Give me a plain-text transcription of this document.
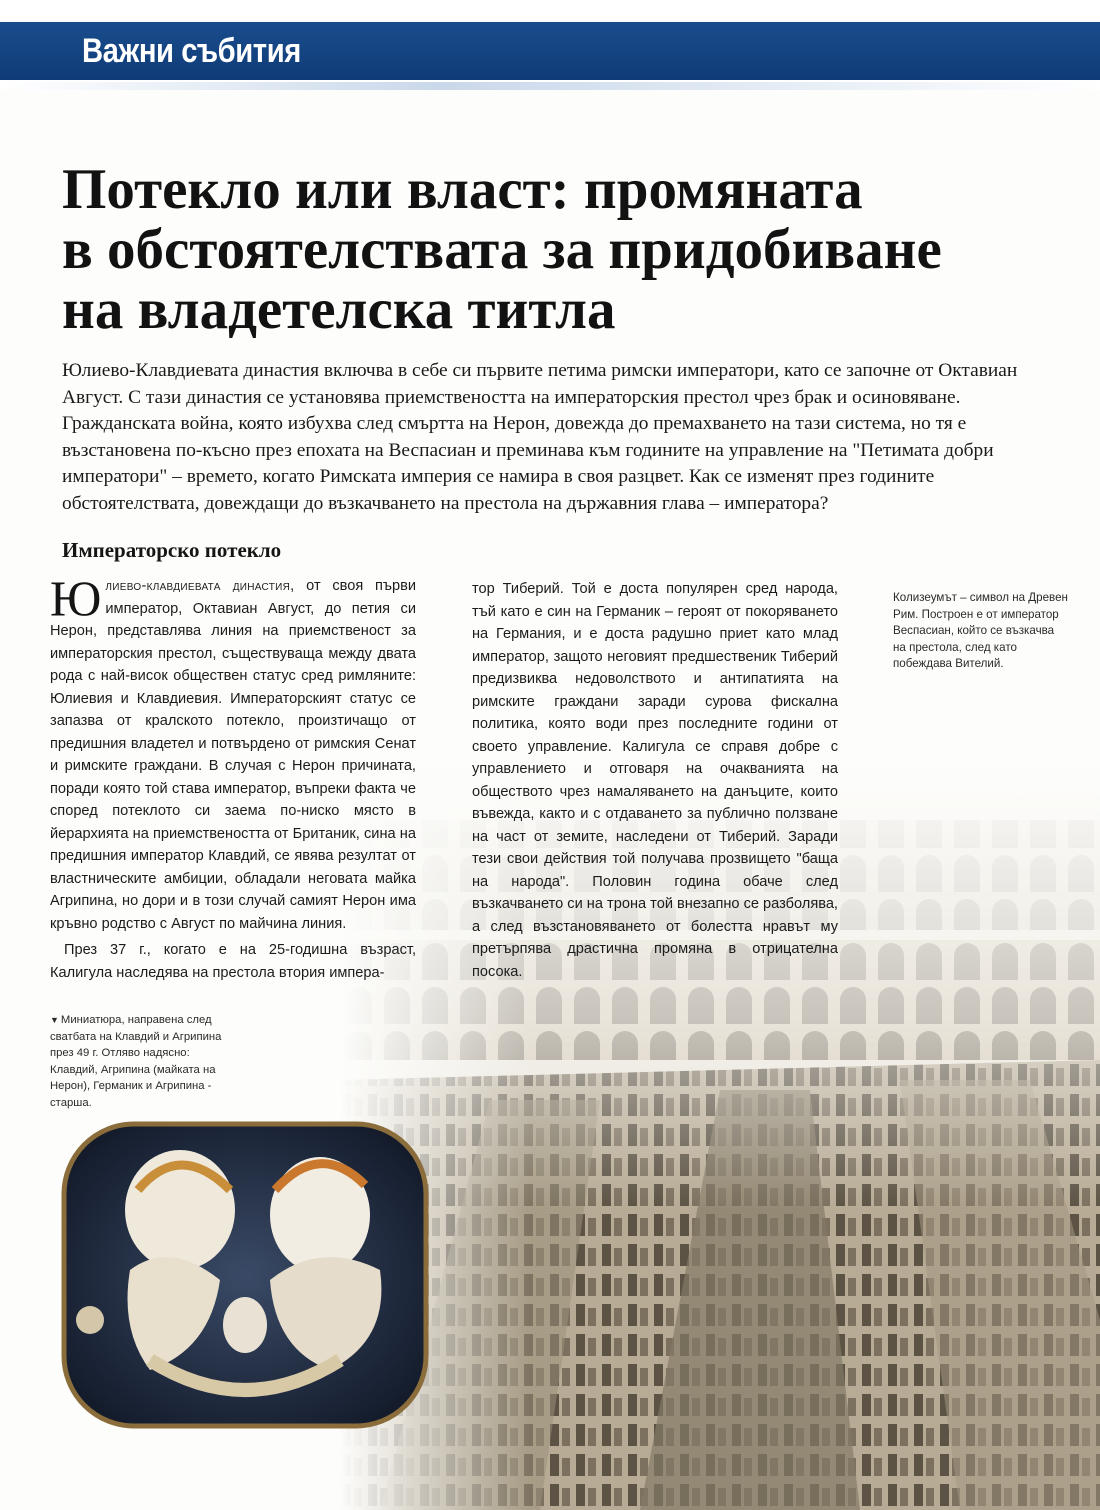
Важни събития
Потекло или власт: промяната
в обстоятелствата за придобиване
на владетелска титла

Юлиево-Клавдиевата династия включва в себе си първите петима римски императори, като се започне от Октавиан Август. С тази династия се установява приемствеността на императорския престол чрез брак и осиновяване. Гражданската война, която избухва след смъртта на Нерон, довежда до премахването на тази система, но тя е възстановена по-късно през епохата на Веспасиан и преминава към годините на управление на "Петимата добри императори" – времето, когато Римската империя се намира в своя разцвет. Как се изменят през годините обстоятелствата, довеждащи до възкачването на престола на държавния глава – императора?

Императорско потекло

Юлиево-клавдиевата династия, от своя първи император, Октавиан Август, до петия си Нерон, представлява линия на приемственост за императорския престол, съществуваща между двата рода с най-висок обществен статус сред римляните: Юлиевия и Клавдиевия. Императорският статус се запазва от кралското потекло, произтичащо от предишния владетел и потвърдено от римския Сенат и римските граждани. В случая с Нерон причината, поради която той става император, въпреки факта че според потеклото си заема по-ниско място в йерархията на приемствеността от Британик, сина на предишния император Клавдий, се явява резултат от властническите амбиции, обладали неговата майка Агрипина, но дори и в този случай самият Нерон има кръвно родство с Август по майчина линия.

През 37 г., когато е на 25-годишна възраст, Калигула наследява на престола втория импера-

тор Тиберий. Той е доста популярен сред народа, тъй като е син на Германик – героят от покоряването на Германия, и е доста радушно приет като млад император, защото неговият предшественик Тиберий предизвиква недоволството и антипатията на римските граждани заради сурова фискална политика, която води през последните години от своето управление. Калигула се справя добре с управлението и отговаря на очакванията на обществото чрез намаляването на данъците, които въвежда, както и с отдаването за публично ползване на част от земите, наследени от Тиберий. Заради тези свои действия той получава прозвището "баща на народа". Половин година обаче след възкачването си на трона той внезапно се разболява, а след възстановяването от болестта нравът му претърпява драстична промяна в отрицателна посока.

Колизеумът – символ на Древен Рим. Построен е от император Веспасиан, който се възкачва на престола, след като побеждава Вителий.
▼ Миниатюра, направена след сватбата на Клавдий и Агрипина през 49 г. Отляво надясно: Клавдий, Агрипина (майката на Нерон), Германик и Агрипина - старша.
